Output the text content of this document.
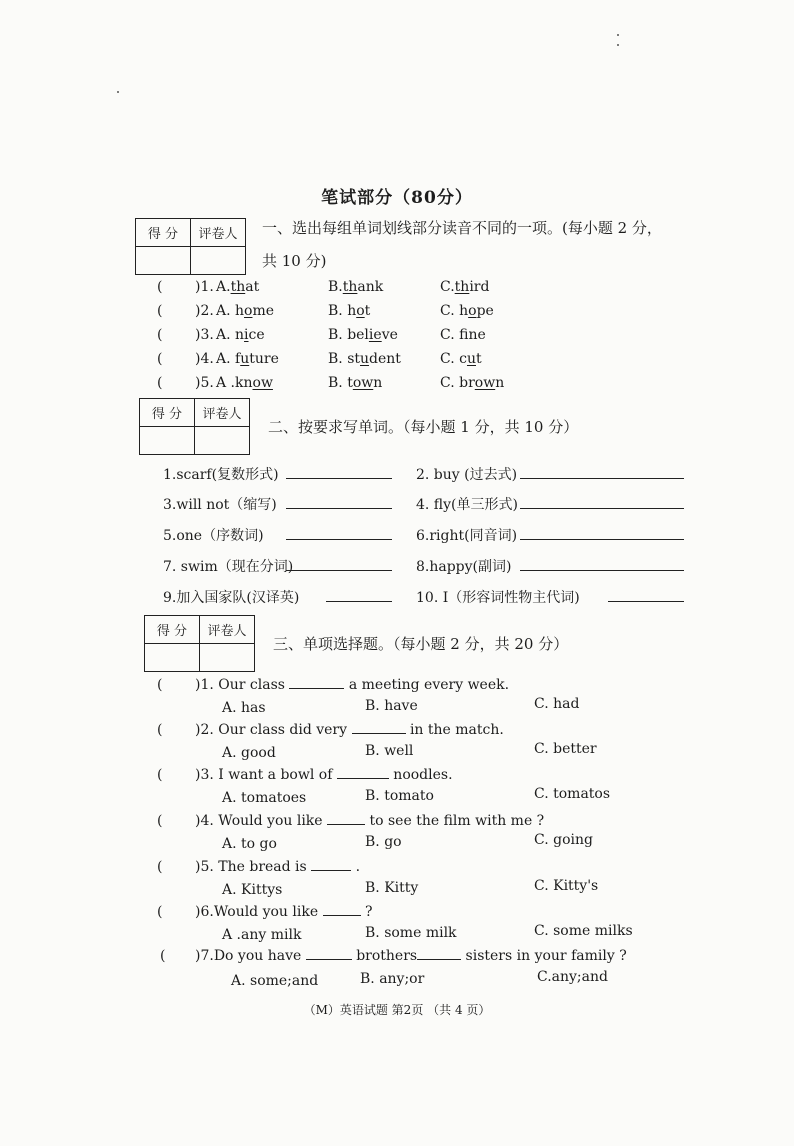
笔试部分（80分）
得 分	评卷人
	一、选出每组单词划线部分读音不同的一项。(每小题 2 分，
共 10 分)
( )1. A.that	B.thank	C.third
( )2. A. home	B. hot	C. hope
( )3. A. nice	B. believe	C. fne
( )4. A. future	B. student	C. cut
( )5. A .know	B. town	C. brown
得 分	评卷人

二、按要求写单词。（每小题 1 分，共 10 分）
1.scarf(复数形式)	2. buy (过去式)
3.will not（缩写)	4. fly(单三形式)
5.one（序数词)	6.right(同音词)
7. swim（现在分词)	8.happy(副词)
9.加入国家队(汉译英)	10. I（形容词性物主代词)
得 分	评卷人

三、单项选择题。（每小题 2 分，共 20 分）
( )1. Our class	a meeting every week.
A. has	B. have	C. had
( )2. Our class did very	in the match.
A. good	B. well	C. better
( )3. I want a bowl of	noodles.
A. tomatoes	B. tomato	C. tomatos
( )4. Would you like	to see the film with me ?
A. to go	B. go	C. going
( )5. The bread is	.
A. Kittys	B. Kitty	C. Kitty's
( )6.Would you like	?
A .any milk	B. some milk	C. some milks
( )7.Do you have	brothers	sisters in your family ?
A. some;and	B. any;or	C.any;and
（M）英语试题 第2页 （共 4 页）
